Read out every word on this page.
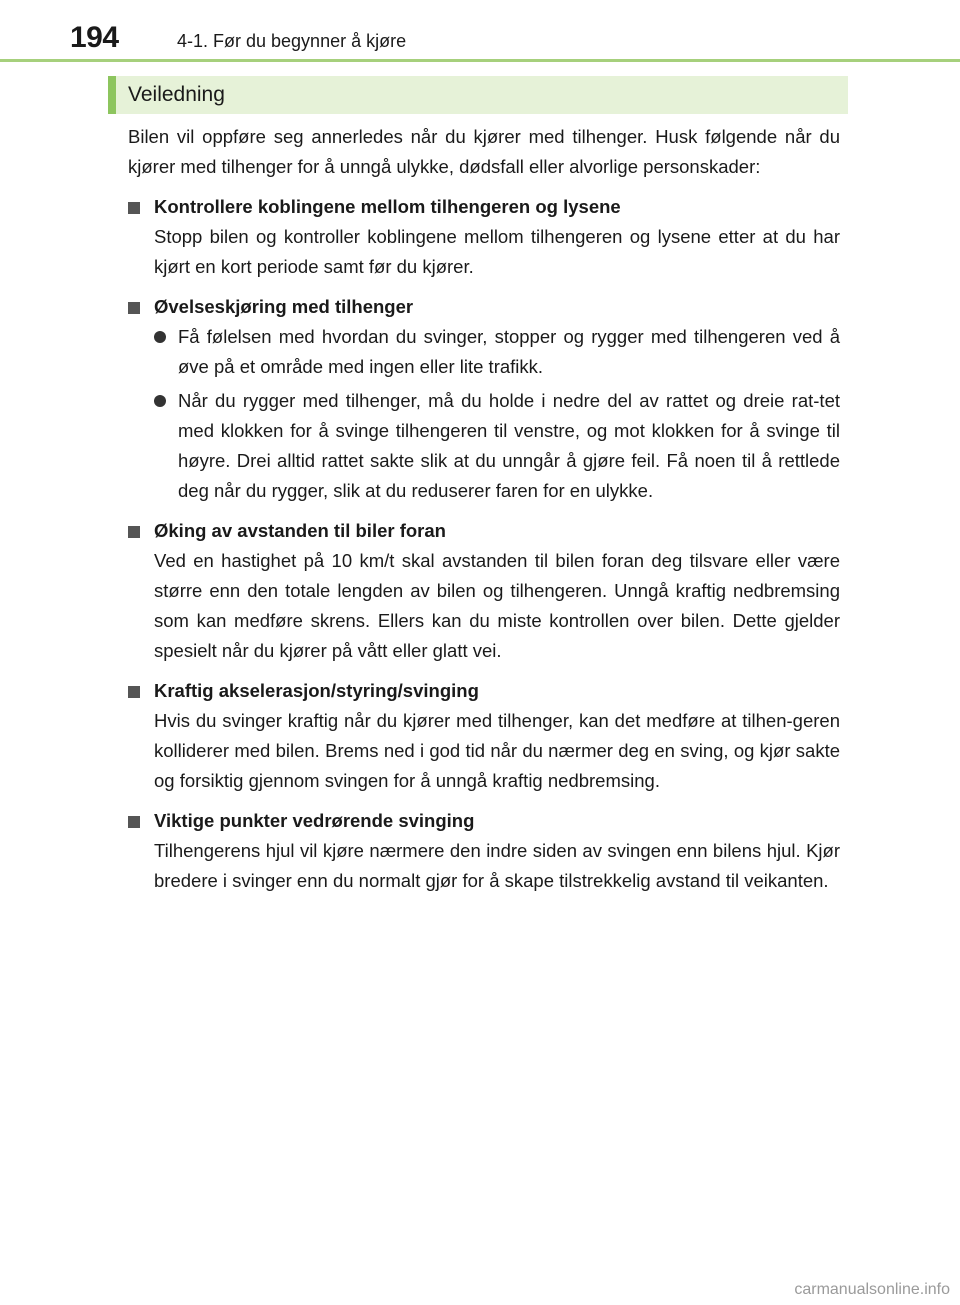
194	4-1. Før du begynner å kjøre
Veiledning

Bilen vil oppføre seg annerledes når du kjører med tilhenger. Husk følgende når du kjører med tilhenger for å unngå ulykke, dødsfall eller alvorlige personskader:

Kontrollere koblingene mellom tilhengeren og lysene

Stopp bilen og kontroller koblingene mellom tilhengeren og lysene etter at du har kjørt en kort periode samt før du kjører.

Øvelseskjøring med tilhenger

Få følelsen med hvordan du svinger, stopper og rygger med tilhengeren ved å øve på et område med ingen eller lite trafikk.

Når du rygger med tilhenger, må du holde i nedre del av rattet og dreie rat-tet med klokken for å svinge tilhengeren til venstre, og mot klokken for å svinge til høyre. Drei alltid rattet sakte slik at du unngår å gjøre feil. Få noen til å rettlede deg når du rygger, slik at du reduserer faren for en ulykke.

Øking av avstanden til biler foran

Ved en hastighet på 10 km/t skal avstanden til bilen foran deg tilsvare eller være større enn den totale lengden av bilen og tilhengeren. Unngå kraftig nedbremsing som kan medføre skrens. Ellers kan du miste kontrollen over bilen. Dette gjelder spesielt når du kjører på vått eller glatt vei.

Kraftig akselerasjon/styring/svinging

Hvis du svinger kraftig når du kjører med tilhenger, kan det medføre at tilhen-geren kolliderer med bilen. Brems ned i god tid når du nærmer deg en sving, og kjør sakte og forsiktig gjennom svingen for å unngå kraftig nedbremsing.

Viktige punkter vedrørende svinging

Tilhengerens hjul vil kjøre nærmere den indre siden av svingen enn bilens hjul. Kjør bredere i svinger enn du normalt gjør for å skape tilstrekkelig avstand til veikanten.

carmanualsonline.info
